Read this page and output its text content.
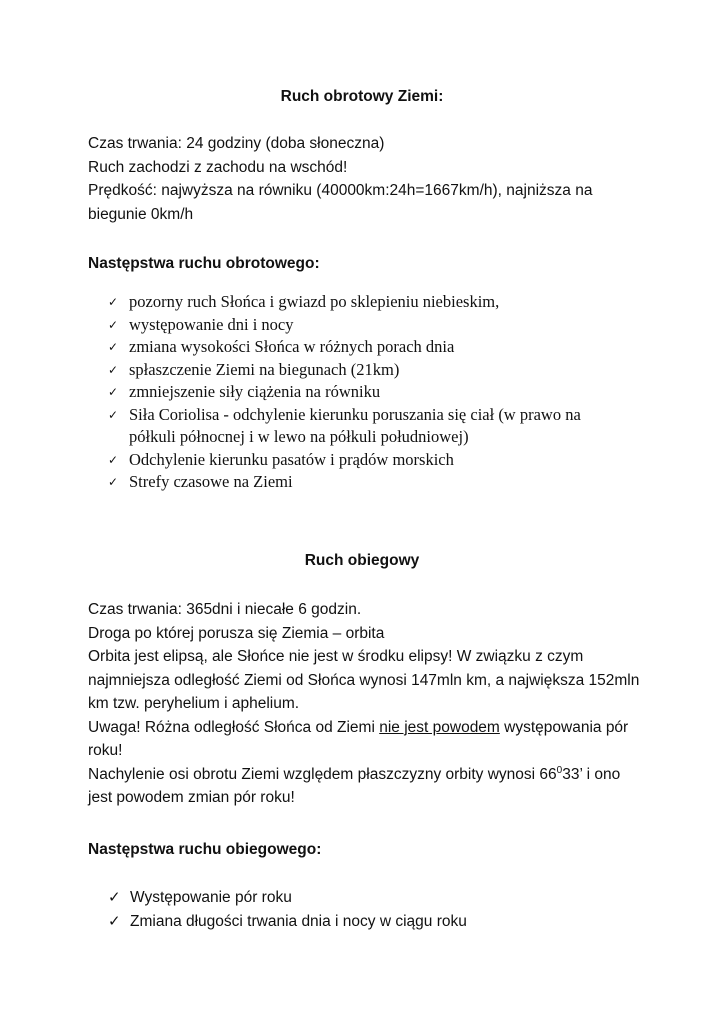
Ruch obrotowy Ziemi:

Czas trwania: 24 godziny (doba słoneczna)

Ruch zachodzi z zachodu na wschód!

Prędkość: najwyższa na równiku (40000km:24h=1667km/h), najniższa na

biegunie 0km/h

Następstwa ruchu obrotowego:
✓ pozorny ruch Słońca i gwiazd po sklepieniu niebieskim,
✓ występowanie dni i nocy
✓ zmiana wysokości Słońca w różnych porach dnia
✓ spłaszczenie Ziemi na biegunach (21km)
✓ zmniejszenie siły ciążenia na równiku
✓ Siła Coriolisa - odchylenie kierunku poruszania się ciał (w prawo na
półkuli północnej i w lewo na półkuli południowej)
✓ Odchylenie kierunku pasatów i prądów morskich
✓ Strefy czasowe na Ziemi
Ruch obiegowy

Czas trwania: 365dni i niecałe 6 godzin.

Droga po której porusza się Ziemia – orbita

Orbita jest elipsą, ale Słońce nie jest w środku elipsy! W związku z czym

najmniejsza odległość Ziemi od Słońca wynosi 147mln km, a największa 152mln

km tzw. peryhelium i aphelium.

Uwaga! Różna odległość Słońca od Ziemi nie jest powodem występowania pór

roku!

Nachylenie osi obrotu Ziemi względem płaszczyzny orbity wynosi $66^033$’ i ono

jest powodem zmian pór roku!

Następstwa ruchu obiegowego:
✓ Występowanie pór roku
✓ Zmiana długości trwania dnia i nocy w ciągu roku
